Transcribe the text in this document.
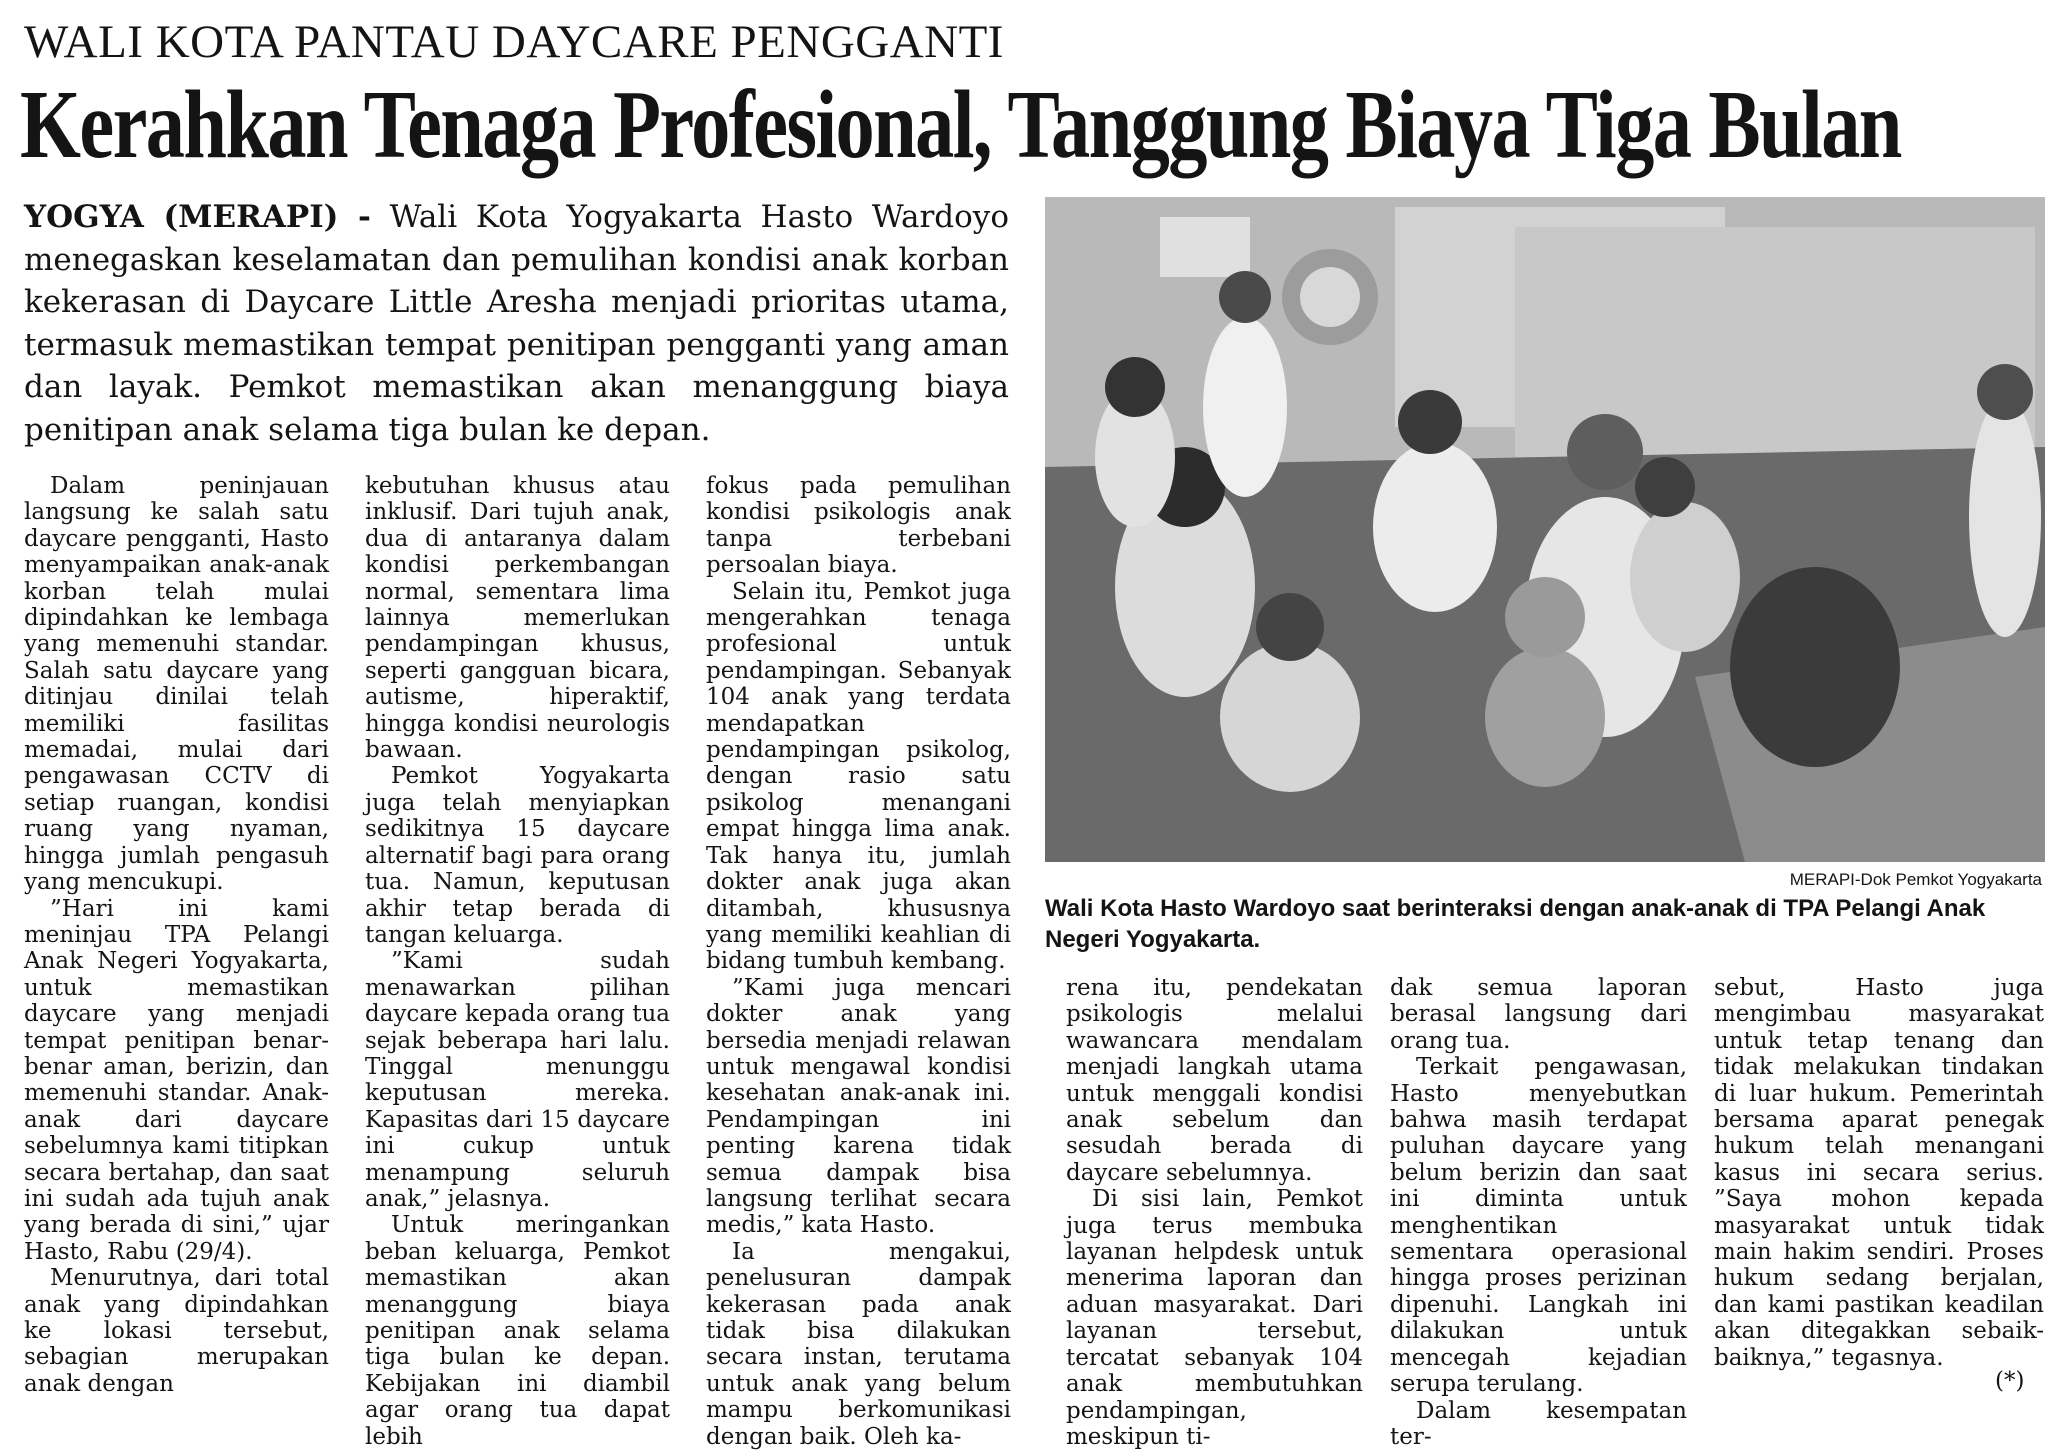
WALI KOTA PANTAU DAYCARE PENGGANTI
Kerahkan Tenaga Profesional, Tanggung Biaya Tiga Bulan
YOGYA (MERAPI) - Wali Kota Yogyakarta Hasto Wardoyo menegaskan keselamatan dan pemulihan kondisi anak korban kekerasan di Daycare Little Aresha menjadi prioritas utama, termasuk memastikan tempat penitipan pengganti yang aman dan layak. Pemkot memastikan akan menanggung biaya penitipan anak selama tiga bulan ke depan.
MERAPI-Dok Pemkot Yogyakarta
Wali Kota Hasto Wardoyo saat berinteraksi dengan anak-anak di TPA Pelangi Anak Negeri Yogyakarta.

Dalam peninjauan langsung ke salah satu daycare pengganti, Hasto menyampaikan anak-anak korban telah mulai dipindahkan ke lembaga yang memenuhi standar. Salah satu daycare yang ditinjau dinilai telah memiliki fasilitas memadai, mulai dari pengawasan CCTV di setiap ruangan, kondisi ruang yang nyaman, hingga jumlah pengasuh yang mencukupi.

”Hari ini kami meninjau TPA Pelangi Anak Negeri Yogyakarta, untuk memastikan daycare yang menjadi tempat penitipan benar-benar aman, berizin, dan memenuhi standar. Anak-anak dari daycare sebelumnya kami titipkan secara bertahap, dan saat ini sudah ada tujuh anak yang berada di sini,” ujar Hasto, Rabu (29/4).

Menurutnya, dari total anak yang dipindahkan ke lokasi tersebut, sebagian merupakan anak dengan

kebutuhan khusus atau inklusif. Dari tujuh anak, dua di antaranya dalam kondisi perkembangan normal, sementara lima lainnya memerlukan pendampingan khusus, seperti gangguan bicara, autisme, hiperaktif, hingga kondisi neurologis bawaan.

Pemkot Yogyakarta juga telah menyiapkan sedikitnya 15 daycare alternatif bagi para orang tua. Namun, keputusan akhir tetap berada di tangan keluarga.

”Kami sudah menawarkan pilihan daycare kepada orang tua sejak beberapa hari lalu. Tinggal menunggu keputusan mereka. Kapasitas dari 15 daycare ini cukup untuk menampung seluruh anak,” jelasnya.

Untuk meringankan beban keluarga, Pemkot memastikan akan menanggung biaya penitipan anak selama tiga bulan ke depan. Kebijakan ini diambil agar orang tua dapat lebih

fokus pada pemulihan kondisi psikologis anak tanpa terbebani persoalan biaya.

Selain itu, Pemkot juga mengerahkan tenaga profesional untuk pendampingan. Sebanyak 104 anak yang terdata mendapatkan pendampingan psikolog, dengan rasio satu psikolog menangani empat hingga lima anak. Tak hanya itu, jumlah dokter anak juga akan ditambah, khususnya yang memiliki keahlian di bidang tumbuh kembang.

”Kami juga mencari dokter anak yang bersedia menjadi relawan untuk mengawal kondisi kesehatan anak-anak ini. Pendampingan ini penting karena tidak semua dampak bisa langsung terlihat secara medis,” kata Hasto.

Ia mengakui, penelusuran dampak kekerasan pada anak tidak bisa dilakukan secara instan, terutama untuk anak yang belum mampu berkomunikasi dengan baik. Oleh ka-

rena itu, pendekatan psikologis melalui wawancara mendalam menjadi langkah utama untuk menggali kondisi anak sebelum dan sesudah berada di daycare sebelumnya.

Di sisi lain, Pemkot juga terus membuka layanan helpdesk untuk menerima laporan dan aduan masyarakat. Dari layanan tersebut, tercatat sebanyak 104 anak membutuhkan pendampingan, meskipun ti-

dak semua laporan berasal langsung dari orang tua.

Terkait pengawasan, Hasto menyebutkan bahwa masih terdapat puluhan daycare yang belum berizin dan saat ini diminta untuk menghentikan sementara operasional hingga proses perizinan dipenuhi. Langkah ini dilakukan untuk mencegah kejadian serupa terulang.

Dalam kesempatan ter-

sebut, Hasto juga mengimbau masyarakat untuk tetap tenang dan tidak melakukan tindakan di luar hukum. Pemerintah bersama aparat penegak hukum telah menangani kasus ini secara serius. ”Saya mohon kepada masyarakat untuk tidak main hakim sendiri. Proses hukum sedang berjalan, dan kami pastikan keadilan akan ditegakkan sebaik-baiknya,” tegasnya.

(*)
